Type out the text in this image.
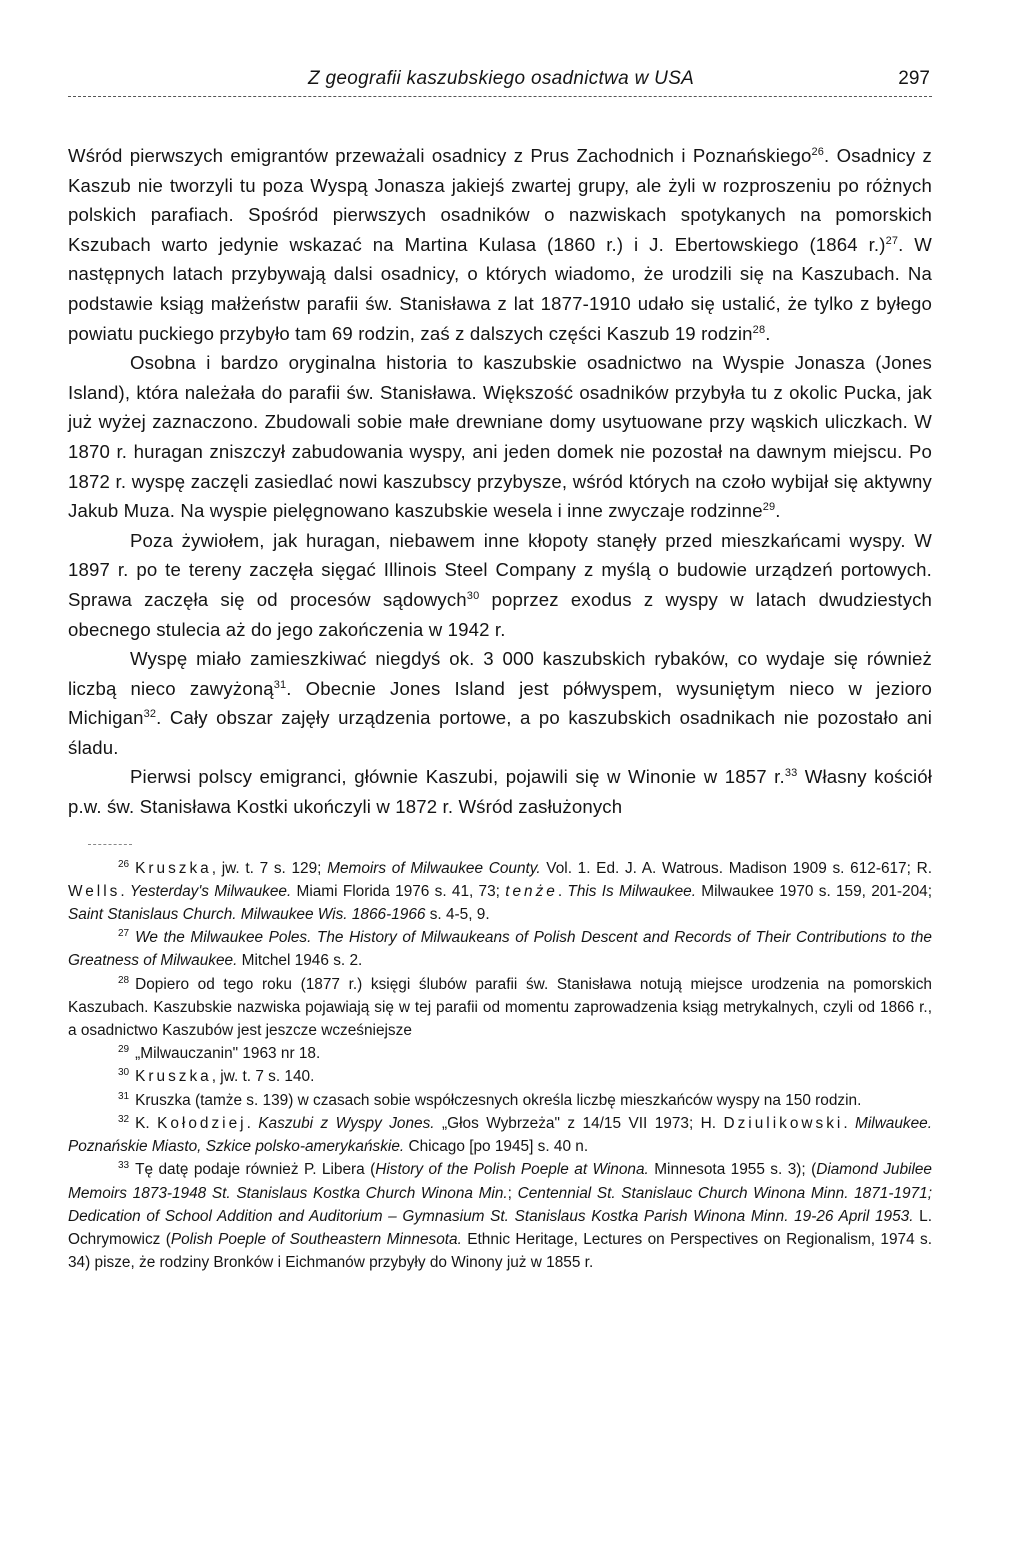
Z geografii kaszubskiego osadnictwa w USA	297

Wśród pierwszych emigrantów przeważali osadnicy z Prus Zachodnich i Poznańskiego$^{26}$. Osadnicy z Kaszub nie tworzyli tu poza Wyspą Jonasza jakiejś zwartej grupy, ale żyli w rozproszeniu po różnych polskich parafiach. Spośród pierwszych osadników o nazwiskach spotykanych na pomorskich Kszubach warto jedynie wskazać na Martina Kulasa (1860 r.) i J. Ebertowskiego (1864 r.)$^{27}$. W następnych latach przybywają dalsi osadnicy, o których wiadomo, że urodzili się na Kaszubach. Na podstawie ksiąg małżeństw parafii św. Stanisława z lat 1877-1910 udało się ustalić, że tylko z byłego powiatu puckiego przybyło tam 69 rodzin, zaś z dalszych części Kaszub 19 rodzin$^{28}$.

Osobna i bardzo oryginalna historia to kaszubskie osadnictwo na Wyspie Jonasza (Jones Island), która należała do parafii św. Stanisława. Większość osadników przybyła tu z okolic Pucka, jak już wyżej zaznaczono. Zbudowali sobie małe drewniane domy usytuowane przy wąskich uliczkach. W 1870 r. huragan zniszczył zabudowania wyspy, ani jeden domek nie pozostał na dawnym miejscu. Po 1872 r. wyspę zaczęli zasiedlać nowi kaszubscy przybysze, wśród których na czoło wybijał się aktywny Jakub Muza. Na wyspie pielęgnowano kaszubskie wesela i inne zwyczaje rodzinne$^{29}$.

Poza żywiołem, jak huragan, niebawem inne kłopoty stanęły przed mieszkańcami wyspy. W 1897 r. po te tereny zaczęła sięgać Illinois Steel Company z myślą o budowie urządzeń portowych. Sprawa zaczęła się od procesów sądowych$^{30}$ poprzez exodus z wyspy w latach dwudziestych obecnego stulecia aż do jego zakończenia w 1942 r.

Wyspę miało zamieszkiwać niegdyś ok. 3 000 kaszubskich rybaków, co wydaje się również liczbą nieco zawyżoną$^{31}$. Obecnie Jones Island jest półwyspem, wysuniętym nieco w jezioro Michigan$^{32}$. Cały obszar zajęły urządzenia portowe, a po kaszubskich osadnikach nie pozostało ani śladu.

Pierwsi polscy emigranci, głównie Kaszubi, pojawili się w Winonie w 1857 r.$^{33}$ Własny kościół p.w. św. Stanisława Kostki ukończyli w 1872 r. Wśród zasłużonych

$^{26}$ Kruszka, jw. t. 7 s. 129; Memoirs of Milwaukee County. Vol. 1. Ed. J. A. Watrous. Madison 1909 s. 612-617; R. Wells. Yesterday's Milwaukee. Miami Florida 1976 s. 41, 73; tenże. This Is Milwaukee. Milwaukee 1970 s. 159, 201-204; Saint Stanislaus Church. Milwaukee Wis. 1866-1966 s. 4-5, 9.

$^{27}$ We the Milwaukee Poles. The History of Milwaukeans of Polish Descent and Records of Their Contributions to the Greatness of Milwaukee. Mitchel 1946 s. 2.

$^{28}$ Dopiero od tego roku (1877 r.) księgi ślubów parafii św. Stanisława notują miejsce urodzenia na pomorskich Kaszubach. Kaszubskie nazwiska pojawiają się w tej parafii od momentu zaprowadzenia ksiąg metrykalnych, czyli od 1866 r., a osadnictwo Kaszubów jest jeszcze wcześniejsze

$^{29}$ „Milwauczanin" 1963 nr 18.

$^{30}$ Kruszka, jw. t. 7 s. 140.

$^{31}$ Kruszka (tamże s. 139) w czasach sobie współczesnych określa liczbę mieszkańców wyspy na 150 rodzin.

$^{32}$ K. Kołodziej. Kaszubi z Wyspy Jones. „Głos Wybrzeża" z 14/15 VII 1973; H. Dziulikowski. Milwaukee. Poznańskie Miasto, Szkice polsko-amerykańskie. Chicago [po 1945] s. 40 n.

$^{33}$ Tę datę podaje również P. Libera (History of the Polish Poeple at Winona. Minnesota 1955 s. 3); (Diamond Jubilee Memoirs 1873-1948 St. Stanislaus Kostka Church Winona Min.; Centennial St. Stanislauc Church Winona Minn. 1871-1971; Dedication of School Addition and Auditorium – Gymnasium St. Stanislaus Kostka Parish Winona Minn. 19-26 April 1953. L. Ochrymowicz (Polish Poeple of Southeastern Minnesota. Ethnic Heritage, Lectures on Perspectives on Regionalism, 1974 s. 34) pisze, że rodziny Bronków i Eichmanów przybyły do Winony już w 1855 r.
